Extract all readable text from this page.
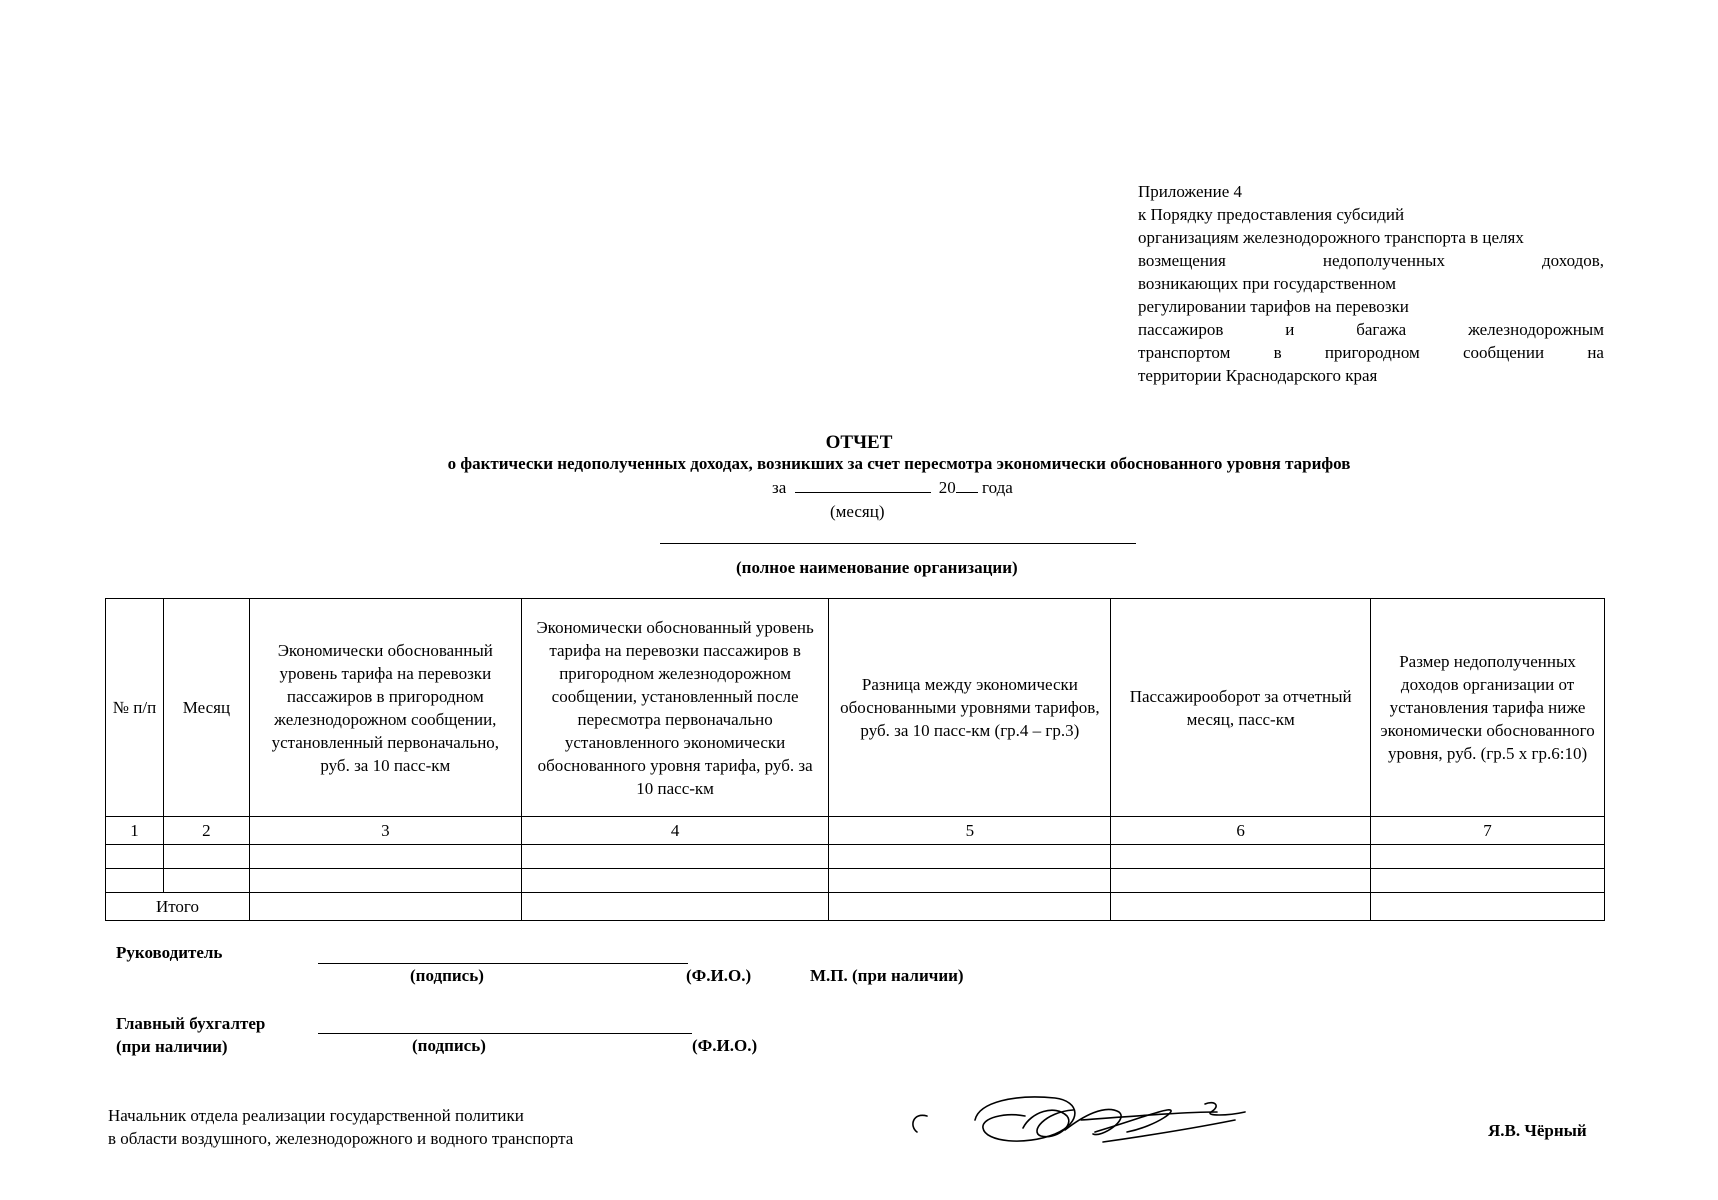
Приложение 4
к Порядку предоставления субсидий
организациям железнодорожного транспорта в целях
возмещения	недополученных	доходов,
возникающих при государственном
регулировании тарифов на перевозки
пассажиров	и	багажа	железнодорожным
транспортом	в	пригородном	сообщении	на
территории Краснодарского края
ОТЧЕТ
о фактически недополученных доходах, возникших за счет пересмотра экономически обоснованного уровня тарифов
за	20 года
(месяц)
(полное наименование организации)
№ п/п	Месяц	Экономически обоснованный уровень тарифа на перевозки пассажиров в пригородном железнодорожном сообщении, установленный первоначально, руб. за 10 пасс-км	Экономически обоснованный уровень тарифа на перевозки пассажиров в пригородном железнодорожном сообщении, установленный после пересмотра первоначально установленного экономически обоснованного уровня тарифа, руб. за 10 пасс-км	Разница между экономически обоснованными уровнями тарифов, руб. за 10 пасс-км (гр.4 – гр.3)	Пассажирооборот за отчетный месяц, пасс-км	Размер недополученных доходов организации от установления тарифа ниже экономически обоснованного уровня, руб. (гр.5 х гр.6:10)
1	2	3	4	5	6	7

Итого						
Руководитель
(подпись)	(Ф.И.О.)	М.П. (при наличии)
Главный бухгалтер
(при наличии)	(подпись)	(Ф.И.О.)
Начальник отдела реализации государственной политики
в области воздушного, железнодорожного и водного транспорта	Я.В. Чёрный
